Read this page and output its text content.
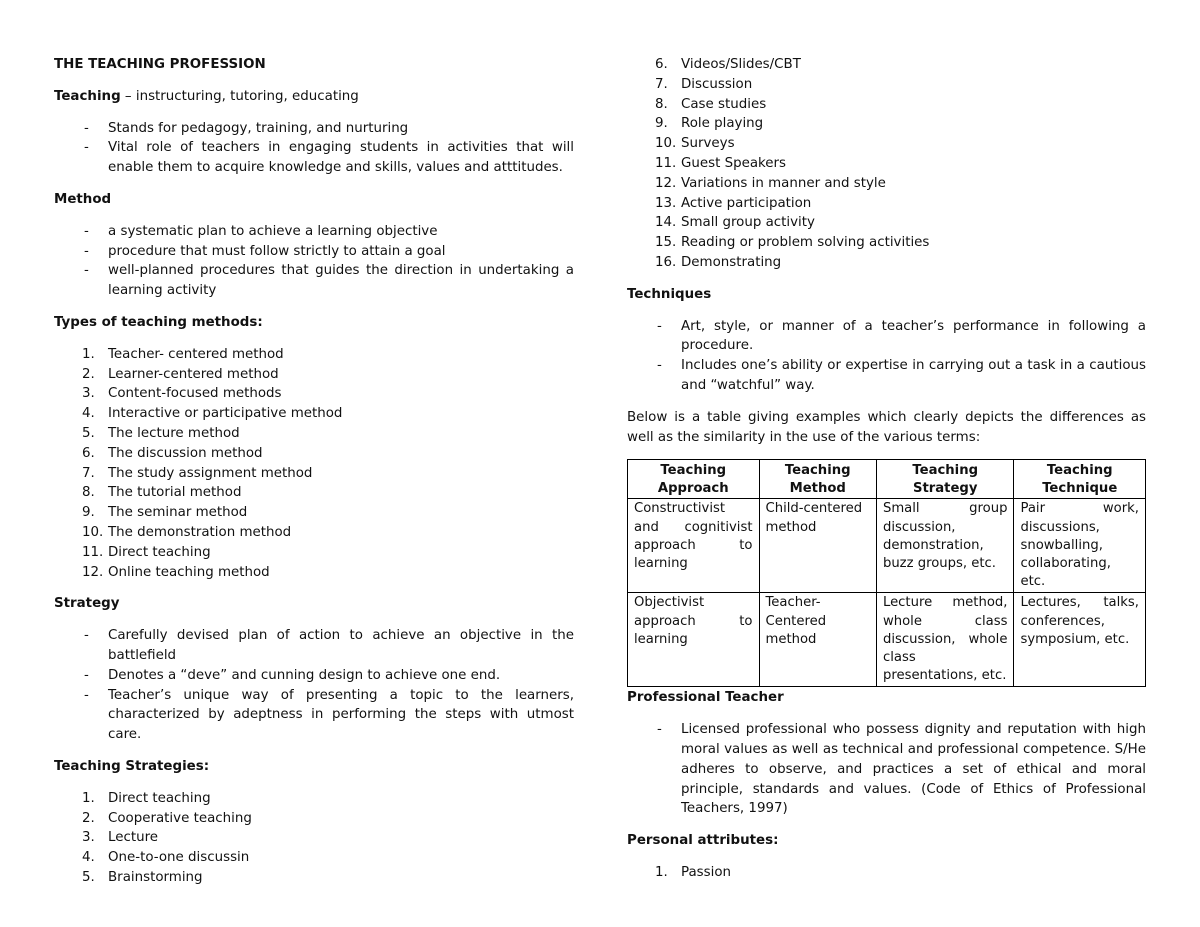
THE TEACHING PROFESSION

Teaching – instructuring, tutoring, educating

- Stands for pedagogy, training, and nurturing
- Vital role of teachers in engaging students in activities that will enable them to acquire knowledge and skills, values and atttitudes.

Method

- a systematic plan to achieve a learning objective
- procedure that must follow strictly to attain a goal
- well-planned procedures that guides the direction in undertaking a learning activity

Types of teaching methods:

1. Teacher- centered method
2. Learner-centered method
3. Content-focused methods
4. Interactive or participative method
5. The lecture method
6. The discussion method
7. The study assignment method
8. The tutorial method
9. The seminar method
10. The demonstration method
11. Direct teaching
12. Online teaching method

Strategy

- Carefully devised plan of action to achieve an objective in the battlefield
- Denotes a “deve” and cunning design to achieve one end.
- Teacher’s unique way of presenting a topic to the learners, characterized by adeptness in performing the steps with utmost care.

Teaching Strategies:

1. Direct teaching
2. Cooperative teaching
3. Lecture
4. One-to-one discussin
5. Brainstorming
6. Videos/Slides/CBT
7. Discussion
8. Case studies
9. Role playing
10. Surveys
11. Guest Speakers
12. Variations in manner and style
13. Active participation
14. Small group activity
15. Reading or problem solving activities
16. Demonstrating

Techniques

- Art, style, or manner of a teacher’s performance in following a procedure.
- Includes one’s ability or expertise in carrying out a task in a cautious and “watchful” way.

Below is a table giving examples which clearly depicts the differences as well as the similarity in the use of the various terms:

Teaching Approach	Teaching Method	Teaching Strategy	Teaching Technique
Constructivist and cognitivist approach to learning	Child-centered method	Small group discussion, demonstration, buzz groups, etc.	Pair work, discussions, snowballing, collaborating, etc.
Objectivist approach to learning	Teacher-Centered method	Lecture method, whole class discussion, whole class presentations, etc.	Lectures, talks, conferences, symposium, etc.

Professional Teacher

- Licensed professional who possess dignity and reputation with high moral values as well as technical and professional competence. S/He adheres to observe, and practices a set of ethical and moral principle, standards and values. (Code of Ethics of Professional Teachers, 1997)

Personal attributes:

1. Passion
